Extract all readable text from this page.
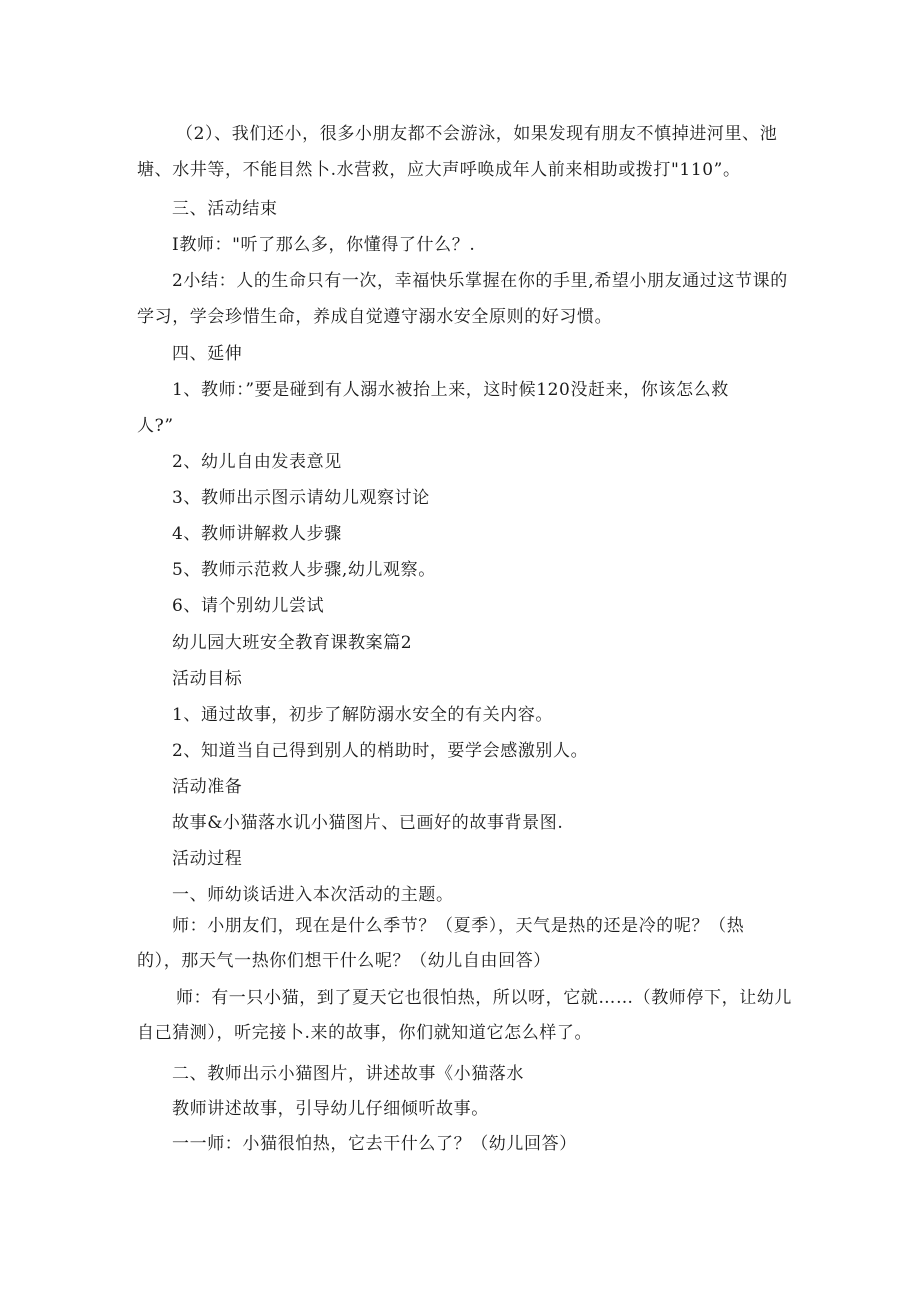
（2）、我们还小，很多小朋友都不会游泳，如果发现有朋友不慎掉进河里、池
塘、水井等，不能目然卜.水营救，应大声呼唤成年人前来相助或拨打"110”。
三、活动结束
I教师："听了那么多，你懂得了什么？.
2小结：人的生命只有一次，幸福快乐掌握在你的手里,希望小朋友通过这节课的
学习，学会珍惜生命，养成自觉遵守溺水安全原则的好习惯。
四、延伸
1、教师：”要是碰到有人溺水被抬上来，这时候120没赶来，你该怎么救
人?”
2、幼儿自由发表意见
3、教师出示图示请幼儿观察讨论
4、教师讲解救人步骤
5、教师示范救人步骤,幼儿观察。
6、请个别幼儿尝试
幼儿园大班安全教育课教案篇2
活动目标
1、通过故事，初步了解防溺水安全的有关内容。
2、知道当自己得到别人的梢助时，要学会感激别人。
活动准备
故事&小猫落水讥小猫图片、已画好的故事背景图.
活动过程
一、师幼谈话进入本次活动的主题。
师：小朋友们，现在是什么季节？（夏季），天气是热的还是冷的呢？（热
的），那天气一热你们想干什么呢？（幼儿自由回答）
师：有一只小猫，到了夏天它也很怕热，所以呀，它就……（教师停下，让幼儿
自己猜测），听完接卜.来的故事，你们就知道它怎么样了。
二、教师出示小猫图片，讲述故事《小猫落水
教师讲述故事，引导幼儿仔细倾听故事。
一一师：小猫很怕热，它去干什么了？（幼儿回答）
